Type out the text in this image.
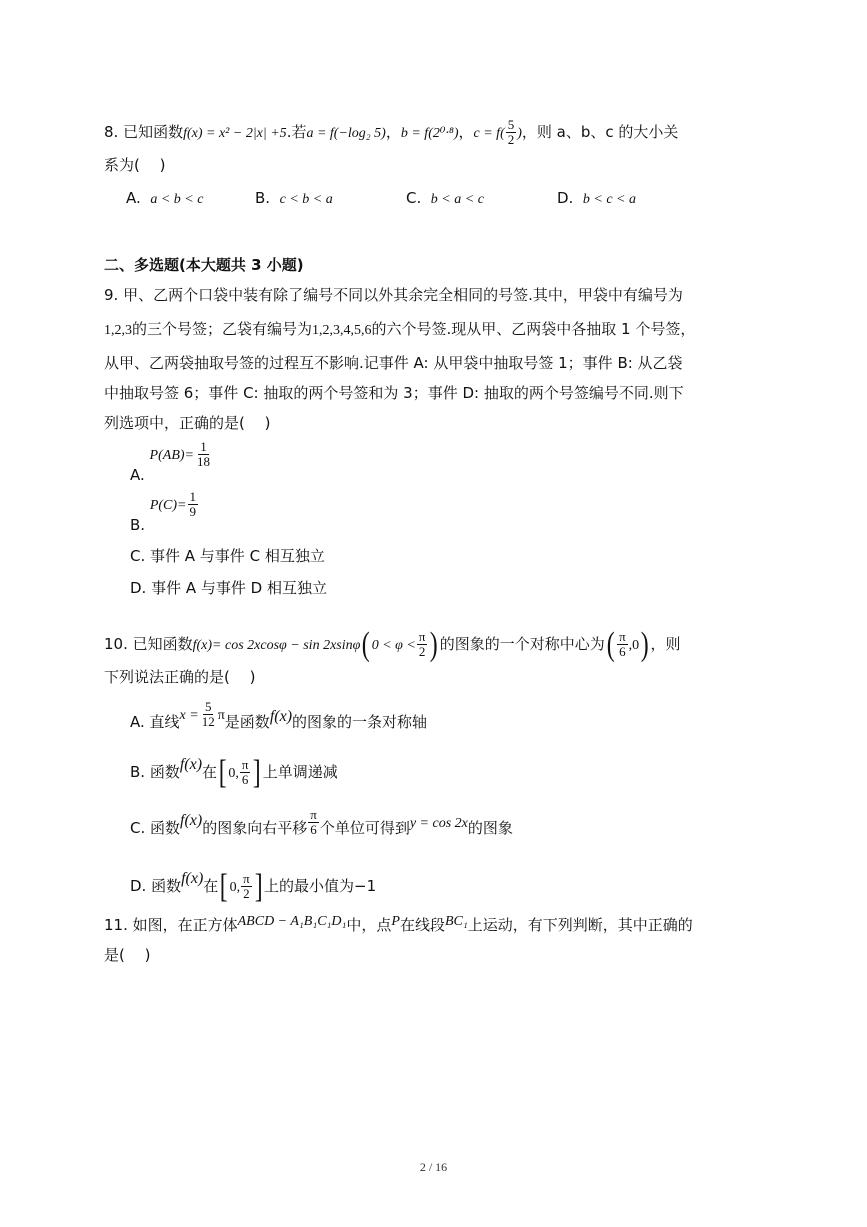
8. 已知函数f(x) = x² − 2|x| +5.若a = f(−log₂ 5)，b = f(2⁰·⁸)，$c = f( \frac{5}{2}$ )，则 a、b、c 的大小关
系为(　 )
A. a < b < c	B. c < b < a	C. b < a < c	D. b < c < a
二、多选题(本大题共 3 小题)
9. 甲、乙两个口袋中装有除了编号不同以外其余完全相同的号签.其中，甲袋中有编号为
1,2,3的三个号签；乙袋有编号为1,2,3,4,5,6的六个号签.现从甲、乙两袋中各抽取 1 个号签，
从甲、乙两袋抽取号签的过程互不影响.记事件 A: 从甲袋中抽取号签 1；事件 B: 从乙袋
中抽取号签 6；事件 C: 抽取的两个号签和为 3；事件 D: 抽取的两个号签编号不同.则下
列选项中，正确的是(　 )
A. $P(AB)= \frac{1}{18}$
B. $P(C)= \frac{1}{9}$
C. 事件 A 与事件 C 相互独立
D. 事件 A 与事件 D 相互独立
10. 已知函数f(x)= cos 2xcosφ − sin 2xsinφ( $0 < \varphi < \frac{\pi}{2}$ ) 的图象的一个对称中心为( $\frac{\pi}{6} ,0$) ，则
下列说法正确的是(　 )
A. 直线$x = \frac{5}{12}$ π是函数f(x)的图象的一条对称轴
B. 函数f(x)在[ 0, $\frac{\pi}{6}$ ] 上单调递减
C. 函数f(x)的图象向右平移 $\frac{\pi}{6}$ 个单位可得到y = cos 2x的图象
D. 函数f(x)在[ 0, $\frac{\pi}{2}$ ] 上的最小值为−1
11. 如图，在正方体ABCD − A₁B₁C₁D₁中，点P在线段BC₁上运动，有下列判断，其中正确的
是(　 )
2 / 16
